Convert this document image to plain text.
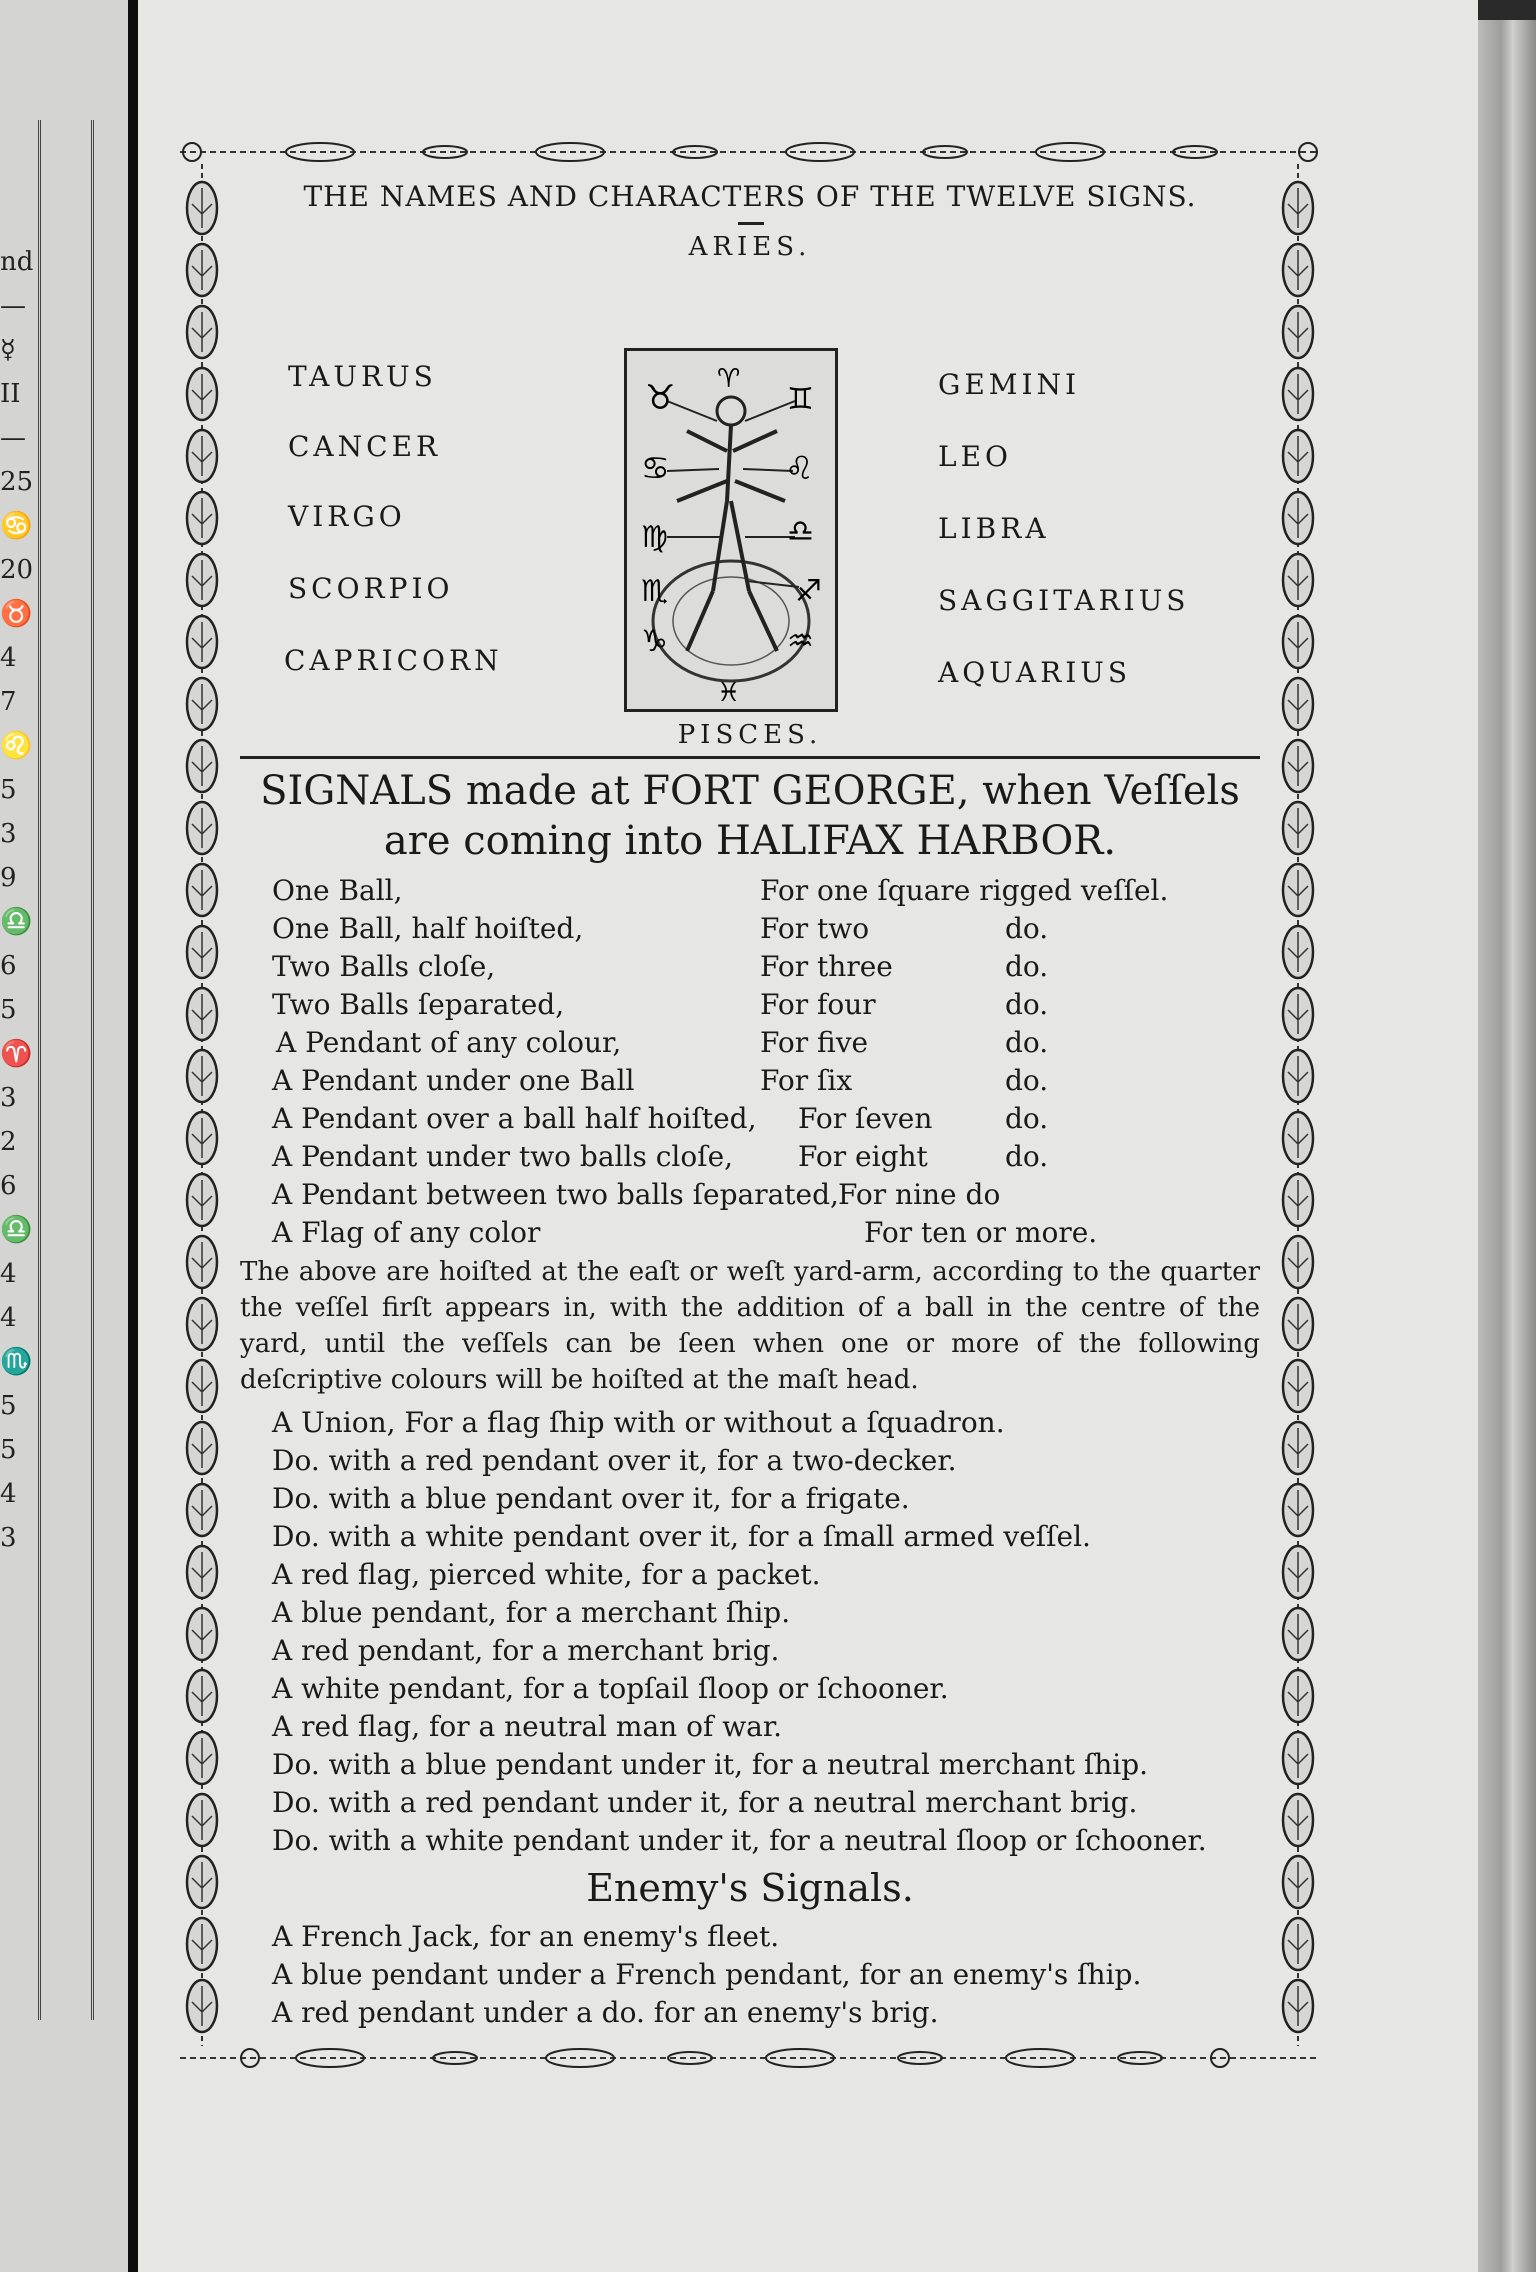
nd
—
☿
II
—
25
♋
20
♉
4
7
♌
5
3
9
♎
6
5
♈
3
2
6
♎
4
4
♏
5
5
4
3
THE NAMES AND CHARACTERS OF THE TWELVE SIGNS.
ARIES.
TAURUS
CANCER
VIRGO
SCORPIO
CAPRICORN
GEMINI
LEO
LIBRA
SAGGITARIUS
AQUARIUS
♉	♊
♋	♌
♍	♎
♏	♐
♑	♒
♈
♓
PISCES.
SIGNALS made at FORT GEORGE, when Veſſels
are coming into HALIFAX HARBOR.
One Ball,	For one ſquare rigged veſſel.
One Ball, half hoiſted,	For two	do.
Two Balls cloſe,	For three	do.
Two Balls ſeparated,	For four	do.
A Pendant of any colour,	For five	do.
A Pendant under one Ball	For ſix	do.
A Pendant over a ball half hoiſted, For ſeven	do.
A Pendant under two balls cloſe, For eight	do.
A Pendant between two balls ſeparated, For nine do
A Flag of any color	For ten or more.

The above are hoiſted at the eaſt or weſt yard-arm, according to the quarter the veſſel firſt appears in, with the addition of a ball in the centre of the yard, until the veſſels can be ſeen when one or more of the following deſcriptive colours will be hoiſted at the maſt head.

A Union, For a flag ſhip with or without a ſquadron.
Do. with a red pendant over it, for a two-decker.
Do. with a blue pendant over it, for a frigate.
Do. with a white pendant over it, for a ſmall armed veſſel.
A red flag, pierced white, for a packet.
A blue pendant, for a merchant ſhip.
A red pendant, for a merchant brig.
A white pendant, for a topſail ſloop or ſchooner.
A red flag, for a neutral man of war.
Do. with a blue pendant under it, for a neutral merchant ſhip.
Do. with a red pendant under it, for a neutral merchant brig.
Do. with a white pendant under it, for a neutral ſloop or ſchooner.
Enemy's Signals.
A French Jack, for an enemy's fleet.
A blue pendant under a French pendant, for an enemy's ſhip.
A red pendant under a do. for an enemy's brig.
